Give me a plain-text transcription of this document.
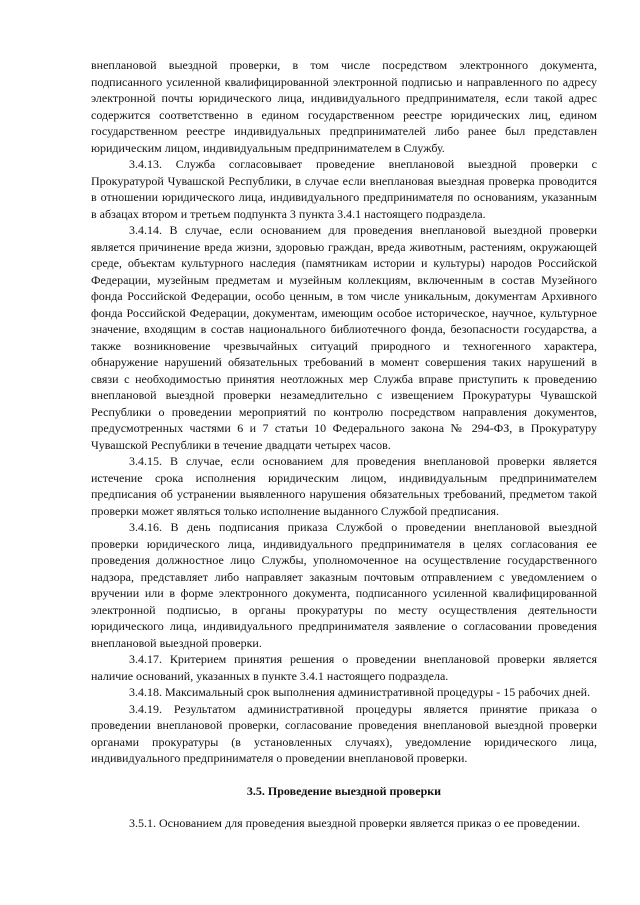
внеплановой выездной проверки, в том числе посредством электронного документа, подписанного усиленной квалифицированной электронной подписью и направленного по адресу электронной почты юридического лица, индивидуального предпринимателя, если такой адрес содержится соответственно в едином государственном реестре юридических лиц, едином государственном реестре индивидуальных предпринимателей либо ранее был представлен юридическим лицом, индивидуальным предпринимателем в Службу.

3.4.13. Служба согласовывает проведение внеплановой выездной проверки с Прокуратурой Чувашской Республики, в случае если внеплановая выездная проверка проводится в отношении юридического лица, индивидуального предпринимателя по основаниям, указанным в абзацах втором и третьем подпункта 3 пункта 3.4.1 настоящего подраздела.

3.4.14. В случае, если основанием для проведения внеплановой выездной проверки является причинение вреда жизни, здоровью граждан, вреда животным, растениям, окружающей среде, объектам культурного наследия (памятникам истории и культуры) народов Российской Федерации, музейным предметам и музейным коллекциям, включенным в состав Музейного фонда Российской Федерации, особо ценным, в том числе уникальным, документам Архивного фонда Российской Федерации, документам, имеющим особое историческое, научное, культурное значение, входящим в состав национального библиотечного фонда, безопасности государства, а также возникновение чрезвычайных ситуаций природного и техногенного характера, обнаружение нарушений обязательных требований в момент совершения таких нарушений в связи с необходимостью принятия неотложных мер Служба вправе приступить к проведению внеплановой выездной проверки незамедлительно с извещением Прокуратуры Чувашской Республики о проведении мероприятий по контролю посредством направления документов, предусмотренных частями 6 и 7 статьи 10 Федерального закона № 294-ФЗ, в Прокуратуру Чувашской Республики в течение двадцати четырех часов.

3.4.15. В случае, если основанием для проведения внеплановой проверки является истечение срока исполнения юридическим лицом, индивидуальным предпринимателем предписания об устранении выявленного нарушения обязательных требований, предметом такой проверки может являться только исполнение выданного Службой предписания.

3.4.16. В день подписания приказа Службой о проведении внеплановой выездной проверки юридического лица, индивидуального предпринимателя в целях согласования ее проведения должностное лицо Службы, уполномоченное на осуществление государственного надзора, представляет либо направляет заказным почтовым отправлением с уведомлением о вручении или в форме электронного документа, подписанного усиленной квалифицированной электронной подписью, в органы прокуратуры по месту осуществления деятельности юридического лица, индивидуального предпринимателя заявление о согласовании проведения внеплановой выездной проверки.

3.4.17. Критерием принятия решения о проведении внеплановой проверки является наличие оснований, указанных в пункте 3.4.1 настоящего подраздела.

3.4.18. Максимальный срок выполнения административной процедуры - 15 рабочих дней.

3.4.19. Результатом административной процедуры является принятие приказа о проведении внеплановой проверки, согласование проведения внеплановой выездной проверки органами прокуратуры (в установленных случаях), уведомление юридического лица, индивидуального предпринимателя о проведении внеплановой проверки.

3.5. Проведение выездной проверки

3.5.1. Основанием для проведения выездной проверки является приказ о ее проведении.
